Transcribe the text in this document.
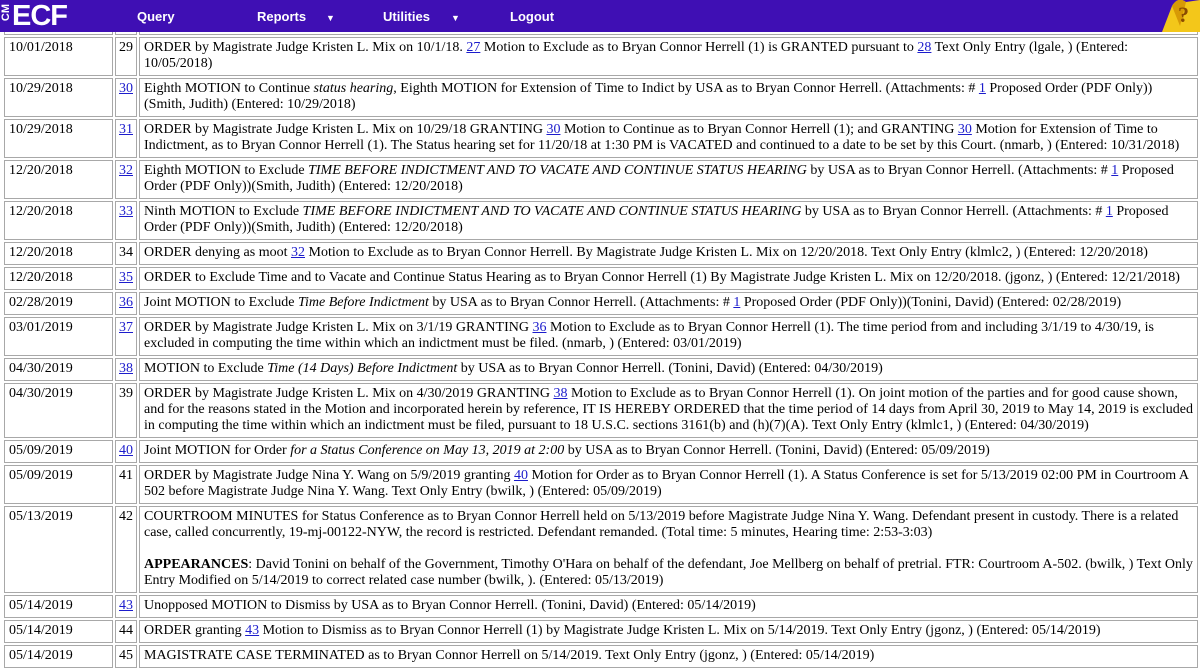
CM ECF	Query	Reports ▼	Utilities ▼	Logout	?

10/01/2018	29	ORDER by Magistrate Judge Kristen L. Mix on 10/1/18. 27 Motion to Exclude as to Bryan Connor Herrell (1) is GRANTED pursuant to 28 Text Only Entry (lgale, ) (Entered: 10/05/2018)
10/29/2018	30	Eighth MOTION to Continue status hearing, Eighth MOTION for Extension of Time to Indict by USA as to Bryan Connor Herrell. (Attachments: # 1 Proposed Order (PDF Only))(Smith, Judith) (Entered: 10/29/2018)
10/29/2018	31	ORDER by Magistrate Judge Kristen L. Mix on 10/29/18 GRANTING 30 Motion to Continue as to Bryan Connor Herrell (1); and GRANTING 30 Motion for Extension of Time to Indictment, as to Bryan Connor Herrell (1). The Status hearing set for 11/20/18 at 1:30 PM is VACATED and continued to a date to be set by this Court. (nmarb, ) (Entered: 10/31/2018)
12/20/2018	32	Eighth MOTION to Exclude TIME BEFORE INDICTMENT AND TO VACATE AND CONTINUE STATUS HEARING by USA as to Bryan Connor Herrell. (Attachments: # 1 Proposed Order (PDF Only))(Smith, Judith) (Entered: 12/20/2018)
12/20/2018	33	Ninth MOTION to Exclude TIME BEFORE INDICTMENT AND TO VACATE AND CONTINUE STATUS HEARING by USA as to Bryan Connor Herrell. (Attachments: # 1 Proposed Order (PDF Only))(Smith, Judith) (Entered: 12/20/2018)
12/20/2018	34	ORDER denying as moot 32 Motion to Exclude as to Bryan Connor Herrell. By Magistrate Judge Kristen L. Mix on 12/20/2018. Text Only Entry (klmlc2, ) (Entered: 12/20/2018)
12/20/2018	35	ORDER to Exclude Time and to Vacate and Continue Status Hearing as to Bryan Connor Herrell (1) By Magistrate Judge Kristen L. Mix on 12/20/2018. (jgonz, ) (Entered: 12/21/2018)
02/28/2019	36	Joint MOTION to Exclude Time Before Indictment by USA as to Bryan Connor Herrell. (Attachments: # 1 Proposed Order (PDF Only))(Tonini, David) (Entered: 02/28/2019)
03/01/2019	37	ORDER by Magistrate Judge Kristen L. Mix on 3/1/19 GRANTING 36 Motion to Exclude as to Bryan Connor Herrell (1). The time period from and including 3/1/19 to 4/30/19, is excluded in computing the time within which an indictment must be filed. (nmarb, ) (Entered: 03/01/2019)
04/30/2019	38	MOTION to Exclude Time (14 Days) Before Indictment by USA as to Bryan Connor Herrell. (Tonini, David) (Entered: 04/30/2019)
04/30/2019	39	ORDER by Magistrate Judge Kristen L. Mix on 4/30/2019 GRANTING 38 Motion to Exclude as to Bryan Connor Herrell (1). On joint motion of the parties and for good cause shown, and for the reasons stated in the Motion and incorporated herein by reference, IT IS HEREBY ORDERED that the time period of 14 days from April 30, 2019 to May 14, 2019 is excluded in computing the time within which an indictment must be filed, pursuant to 18 U.S.C. sections 3161(b) and (h)(7)(A). Text Only Entry (klmlc1, ) (Entered: 04/30/2019)
05/09/2019	40	Joint MOTION for Order for a Status Conference on May 13, 2019 at 2:00 by USA as to Bryan Connor Herrell. (Tonini, David) (Entered: 05/09/2019)
05/09/2019	41	ORDER by Magistrate Judge Nina Y. Wang on 5/9/2019 granting 40 Motion for Order as to Bryan Connor Herrell (1). A Status Conference is set for 5/13/2019 02:00 PM in Courtroom A 502 before Magistrate Judge Nina Y. Wang. Text Only Entry (bwilk, ) (Entered: 05/09/2019)
05/13/2019	42	COURTROOM MINUTES for Status Conference as to Bryan Connor Herrell held on 5/13/2019 before Magistrate Judge Nina Y. Wang. Defendant present in custody. There is a related case, called concurrently, 19-mj-00122-NYW, the record is restricted. Defendant remanded. (Total time: 5 minutes, Hearing time: 2:53-3:03)
APPEARANCES: David Tonini on behalf of the Government, Timothy O'Hara on behalf of the defendant, Joe Mellberg on behalf of pretrial. FTR: Courtroom A-502. (bwilk, ) Text Only Entry Modified on 5/14/2019 to correct related case number (bwilk, ). (Entered: 05/13/2019)
05/14/2019	43	Unopposed MOTION to Dismiss by USA as to Bryan Connor Herrell. (Tonini, David) (Entered: 05/14/2019)
05/14/2019	44	ORDER granting 43 Motion to Dismiss as to Bryan Connor Herrell (1) by Magistrate Judge Kristen L. Mix on 5/14/2019. Text Only Entry (jgonz, ) (Entered: 05/14/2019)
05/14/2019	45	MAGISTRATE CASE TERMINATED as to Bryan Connor Herrell on 5/14/2019. Text Only Entry (jgonz, ) (Entered: 05/14/2019)
